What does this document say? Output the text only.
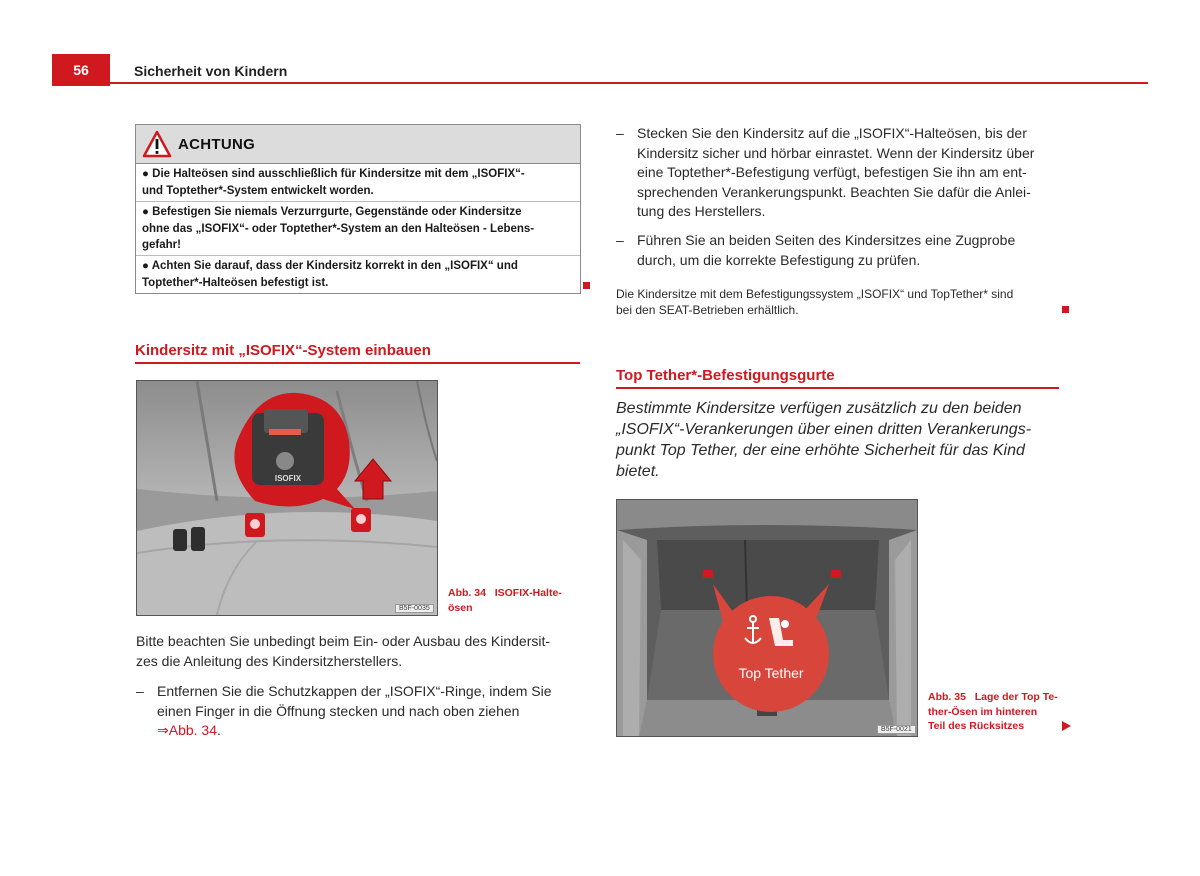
56	Sicherheit von Kindern
ACHTUNG
● Die Halteösen sind ausschließlich für Kindersitze mit dem „ISOFIX“-
und Toptether*-System entwickelt worden.
● Befestigen Sie niemals Verzurrgurte, Gegenstände oder Kindersitze
ohne das „ISOFIX“- oder Toptether*-System an den Halteösen - Lebens-
gefahr!
● Achten Sie darauf, dass der Kindersitz korrekt in den „ISOFIX“ und
Toptether*-Halteösen befestigt ist.
Kindersitz mit „ISOFIX“-System einbauen
ISOFIX
B5F-0035
Abb. 34 ISOFIX-Halte-
ösen
Bitte beachten Sie unbedingt beim Ein- oder Ausbau des Kindersit-
zes die Anleitung des Kindersitzherstellers.
– Entfernen Sie die Schutzkappen der „ISOFIX“-Ringe, indem Sie
einen Finger in die Öffnung stecken und nach oben ziehen
⇒Abb. 34.
– Stecken Sie den Kindersitz auf die „ISOFIX“-Halteösen, bis der
Kindersitz sicher und hörbar einrastet. Wenn der Kindersitz über
eine Toptether*-Befestigung verfügt, befestigen Sie ihn am ent-
sprechenden Verankerungspunkt. Beachten Sie dafür die Anlei-
tung des Herstellers.
– Führen Sie an beiden Seiten des Kindersitzes eine Zugprobe
durch, um die korrekte Befestigung zu prüfen.
Die Kindersitze mit dem Befestigungssystem „ISOFIX“ und TopTether* sind
bei den SEAT-Betrieben erhältlich.
Top Tether*-Befestigungsgurte
Bestimmte Kindersitze verfügen zusätzlich zu den beiden
„ISOFIX“-Verankerungen über einen dritten Verankerungs-
punkt Top Tether, der eine erhöhte Sicherheit für das Kind
bietet.
Top Tether
B5F-0021
Abb. 35 Lage der Top Te-
ther-Ösen im hinteren
Teil des Rücksitzes
